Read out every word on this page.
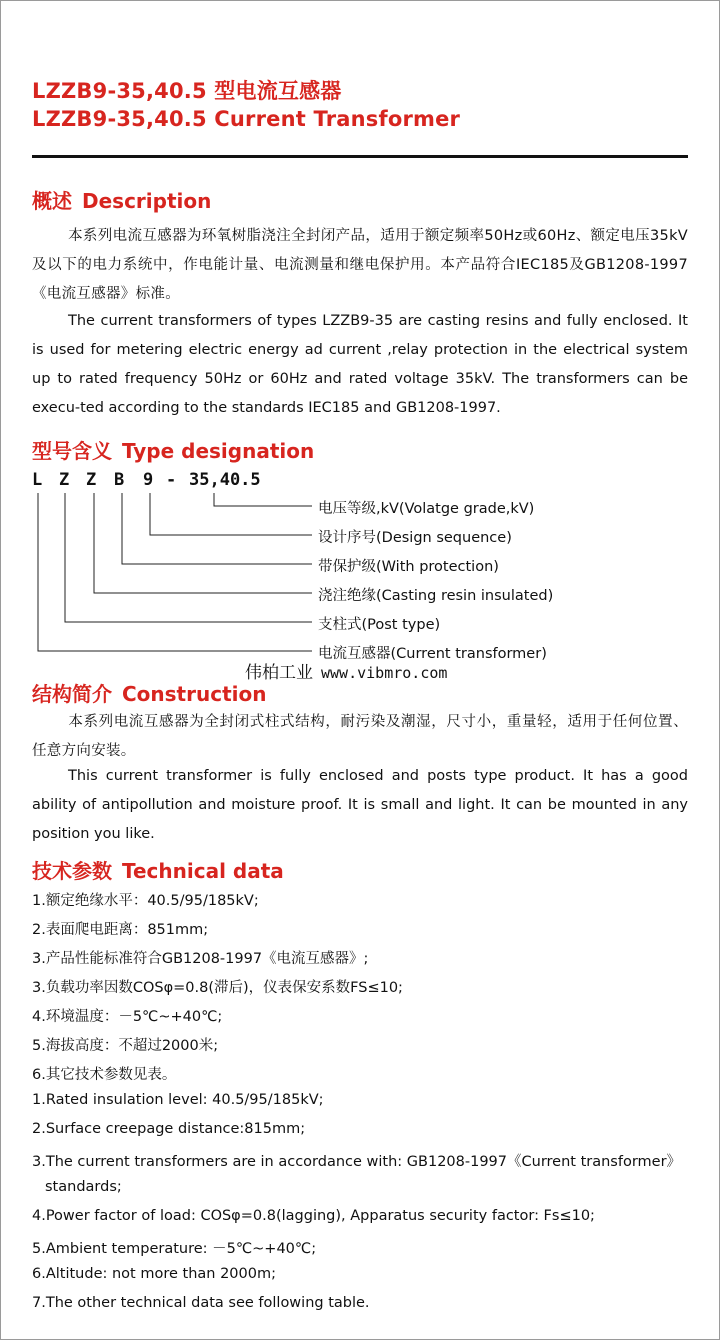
LZZB9-35,40.5 型电流互感器
LZZB9-35,40.5 Current Transformer
概述 Description
本系列电流互感器为环氧树脂浇注全封闭产品，适用于额定频率50Hz或60Hz、额定电压35kV及以下的电力系统中，作电能计量、电流测量和继电保护用。本产品符合IEC185及GB1208-1997《电流互感器》标准。
The current transformers of types LZZB9-35 are casting resins and fully enclosed. It is used for metering electric energy ad current ,relay protection in the electrical system up to rated frequency 50Hz or 60Hz and rated voltage 35kV. The transformers can be execu-ted according to the standards IEC185 and GB1208-1997.
型号含义 Type designation
L Z Z B 9 - 35,40.5
电压等级,kV(Volatge grade,kV)
设计序号(Design sequence)
带保护级(With protection)
浇注绝缘(Casting resin insulated)
支柱式(Post type)
电流互感器(Current transformer)
伟柏工业 www.vibmro.com
结构简介 Construction
本系列电流互感器为全封闭式柱式结构，耐污染及潮湿，尺寸小，重量轻，适用于任何位置、任意方向安装。
This current transformer is fully enclosed and posts type product. It has a good ability of antipollution and moisture proof. It is small and light. It can be mounted in any position you like.
技术参数 Technical data
1.额定绝缘水平：40.5/95/185kV;
2.表面爬电距离：851mm;
3.产品性能标准符合GB1208-1997《电流互感器》;
3.负载功率因数COSφ=0.8(滞后)，仪表保安系数FS≤10;
4.环境温度：－5℃~+40℃;
5.海拔高度：不超过2000米;
6.其它技术参数见表。
1.Rated insulation level: 40.5/95/185kV;
2.Surface creepage distance:815mm;
3.The current transformers are in accordance with: GB1208-1997《Current transformer》
standards;
4.Power factor of load: COSφ=0.8(lagging), Apparatus security factor: Fs≤10;
5.Ambient temperature: －5℃~+40℃;
6.Altitude: not more than 2000m;
7.The other technical data see following table.
